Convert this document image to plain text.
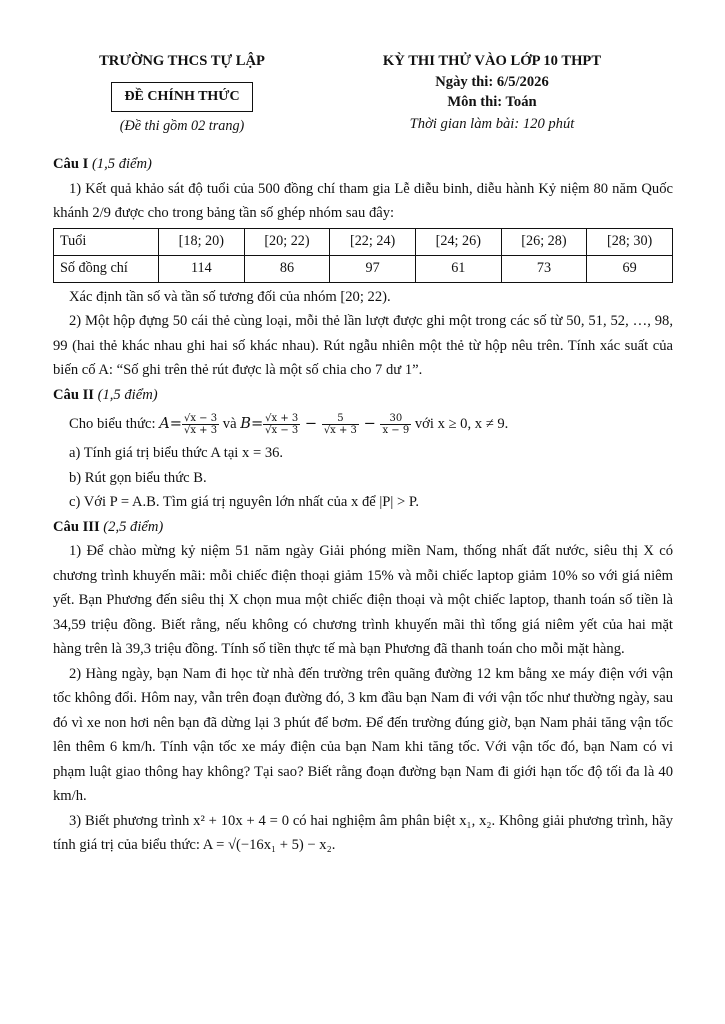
TRƯỜNG THCS TỰ LẬP
ĐỀ CHÍNH THỨC
(Đề thi gồm 02 trang)
KỲ THI THỬ VÀO LỚP 10 THPT
Ngày thi: 6/5/2026
Môn thi: Toán
Thời gian làm bài: 120 phút
Câu I (1,5 điểm)

1) Kết quả khảo sát độ tuổi của 500 đồng chí tham gia Lễ diễu binh, diễu hành Kỷ niệm 80 năm Quốc khánh 2/9 được cho trong bảng tần số ghép nhóm sau đây:

Tuổi	[18; 20)	[20; 22)	[22; 24)	[24; 26)	[26; 28)	[28; 30)
Số đồng chí	114	86	97	61	73	69

Xác định tần số và tần số tương đối của nhóm [20; 22).

2) Một hộp đựng 50 cái thẻ cùng loại, mỗi thẻ lần lượt được ghi một trong các số từ 50, 51, 52, …, 98, 99 (hai thẻ khác nhau ghi hai số khác nhau). Rút ngẫu nhiên một thẻ từ hộp nêu trên. Tính xác suất của biến cố A: “Số ghi trên thẻ rút được là một số chia cho 7 dư 1”.

Câu II (1,5 điểm)
Cho biểu thức: $A= \frac{√x - 3}{√x + 3}$ và $B= \frac{√x + 3}{√x - 3} - \frac{5}{√x + 3} - \frac{30}{x - 9}$ với x ≥ 0, x ≠ 9.

a) Tính giá trị biểu thức A tại x = 36.

b) Rút gọn biểu thức B.

c) Với P = A.B. Tìm giá trị nguyên lớn nhất của x để |P| > P.

Câu III (2,5 điểm)

1) Để chào mừng kỷ niệm 51 năm ngày Giải phóng miền Nam, thống nhất đất nước, siêu thị X có chương trình khuyến mãi: mỗi chiếc điện thoại giảm 15% và mỗi chiếc laptop giảm 10% so với giá niêm yết. Bạn Phương đến siêu thị X chọn mua một chiếc điện thoại và một chiếc laptop, thanh toán số tiền là 34,59 triệu đồng. Biết rằng, nếu không có chương trình khuyến mãi thì tổng giá niêm yết của hai mặt hàng trên là 39,3 triệu đồng. Tính số tiền thực tế mà bạn Phương đã thanh toán cho mỗi mặt hàng.

2) Hàng ngày, bạn Nam đi học từ nhà đến trường trên quãng đường 12 km bằng xe máy điện với vận tốc không đổi. Hôm nay, vẫn trên đoạn đường đó, 3 km đầu bạn Nam đi với vận tốc như thường ngày, sau đó vì xe non hơi nên bạn đã dừng lại 3 phút để bơm. Để đến trường đúng giờ, bạn Nam phải tăng vận tốc lên thêm 6 km/h. Tính vận tốc xe máy điện của bạn Nam khi tăng tốc. Với vận tốc đó, bạn Nam có vi phạm luật giao thông hay không? Tại sao? Biết rằng đoạn đường bạn Nam đi giới hạn tốc độ tối đa là 40 km/h.

3) Biết phương trình x² + 10x + 4 = 0 có hai nghiệm âm phân biệt x₁, x₂. Không giải phương trình, hãy tính giá trị của biểu thức: A = √(−16x₁ + 5) − x₂.
